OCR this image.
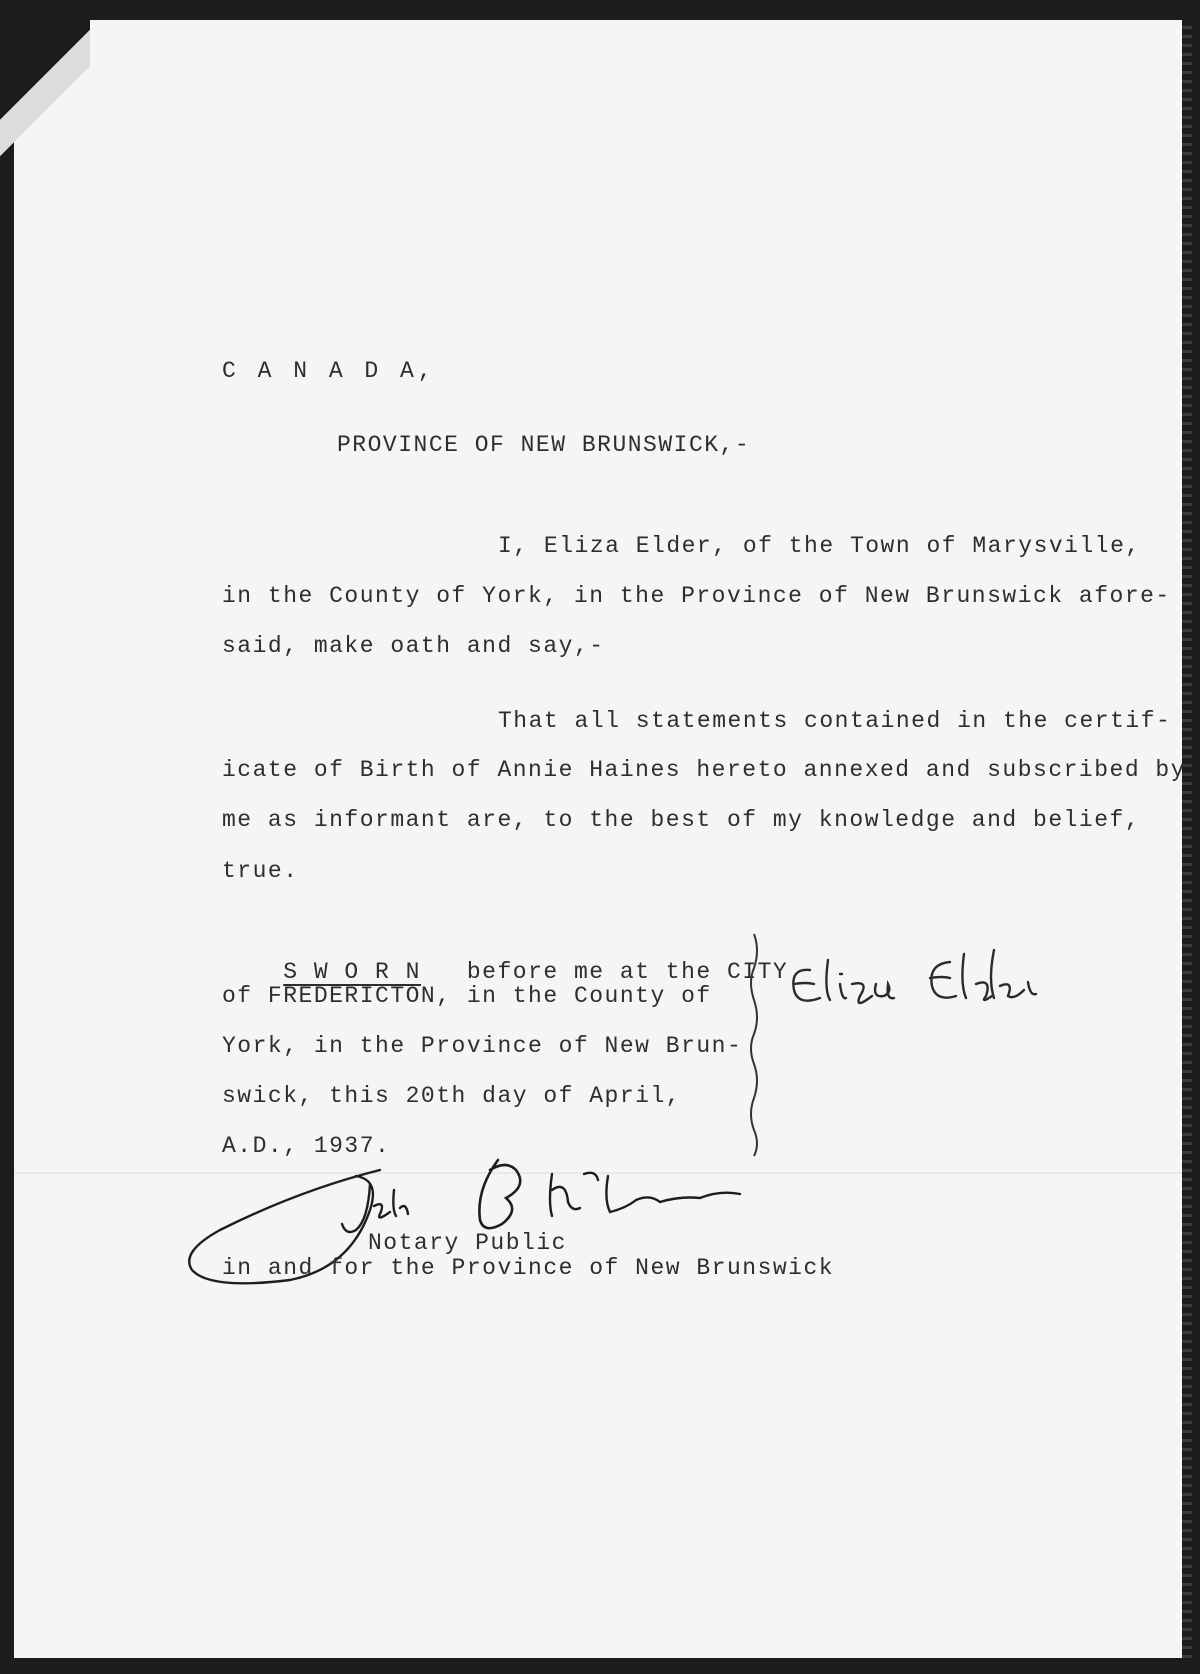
C A N A D A,
PROVINCE OF NEW BRUNSWICK,-
I, Eliza Elder, of the Town of Marysville,
in the County of York, in the Province of New Brunswick afore-
said, make oath and say,-
That all statements contained in the certif-
icate of Birth of Annie Haines hereto annexed and subscribed by
me as informant are, to the best of my knowledge and belief,
true.

S W O R N before me at the CITY

of FREDERICTON, in the County of
York, in the Province of New Brun-
swick, this 20th day of April,
A.D., 1937.
Notary Public
in and for the Province of New Brunswick
